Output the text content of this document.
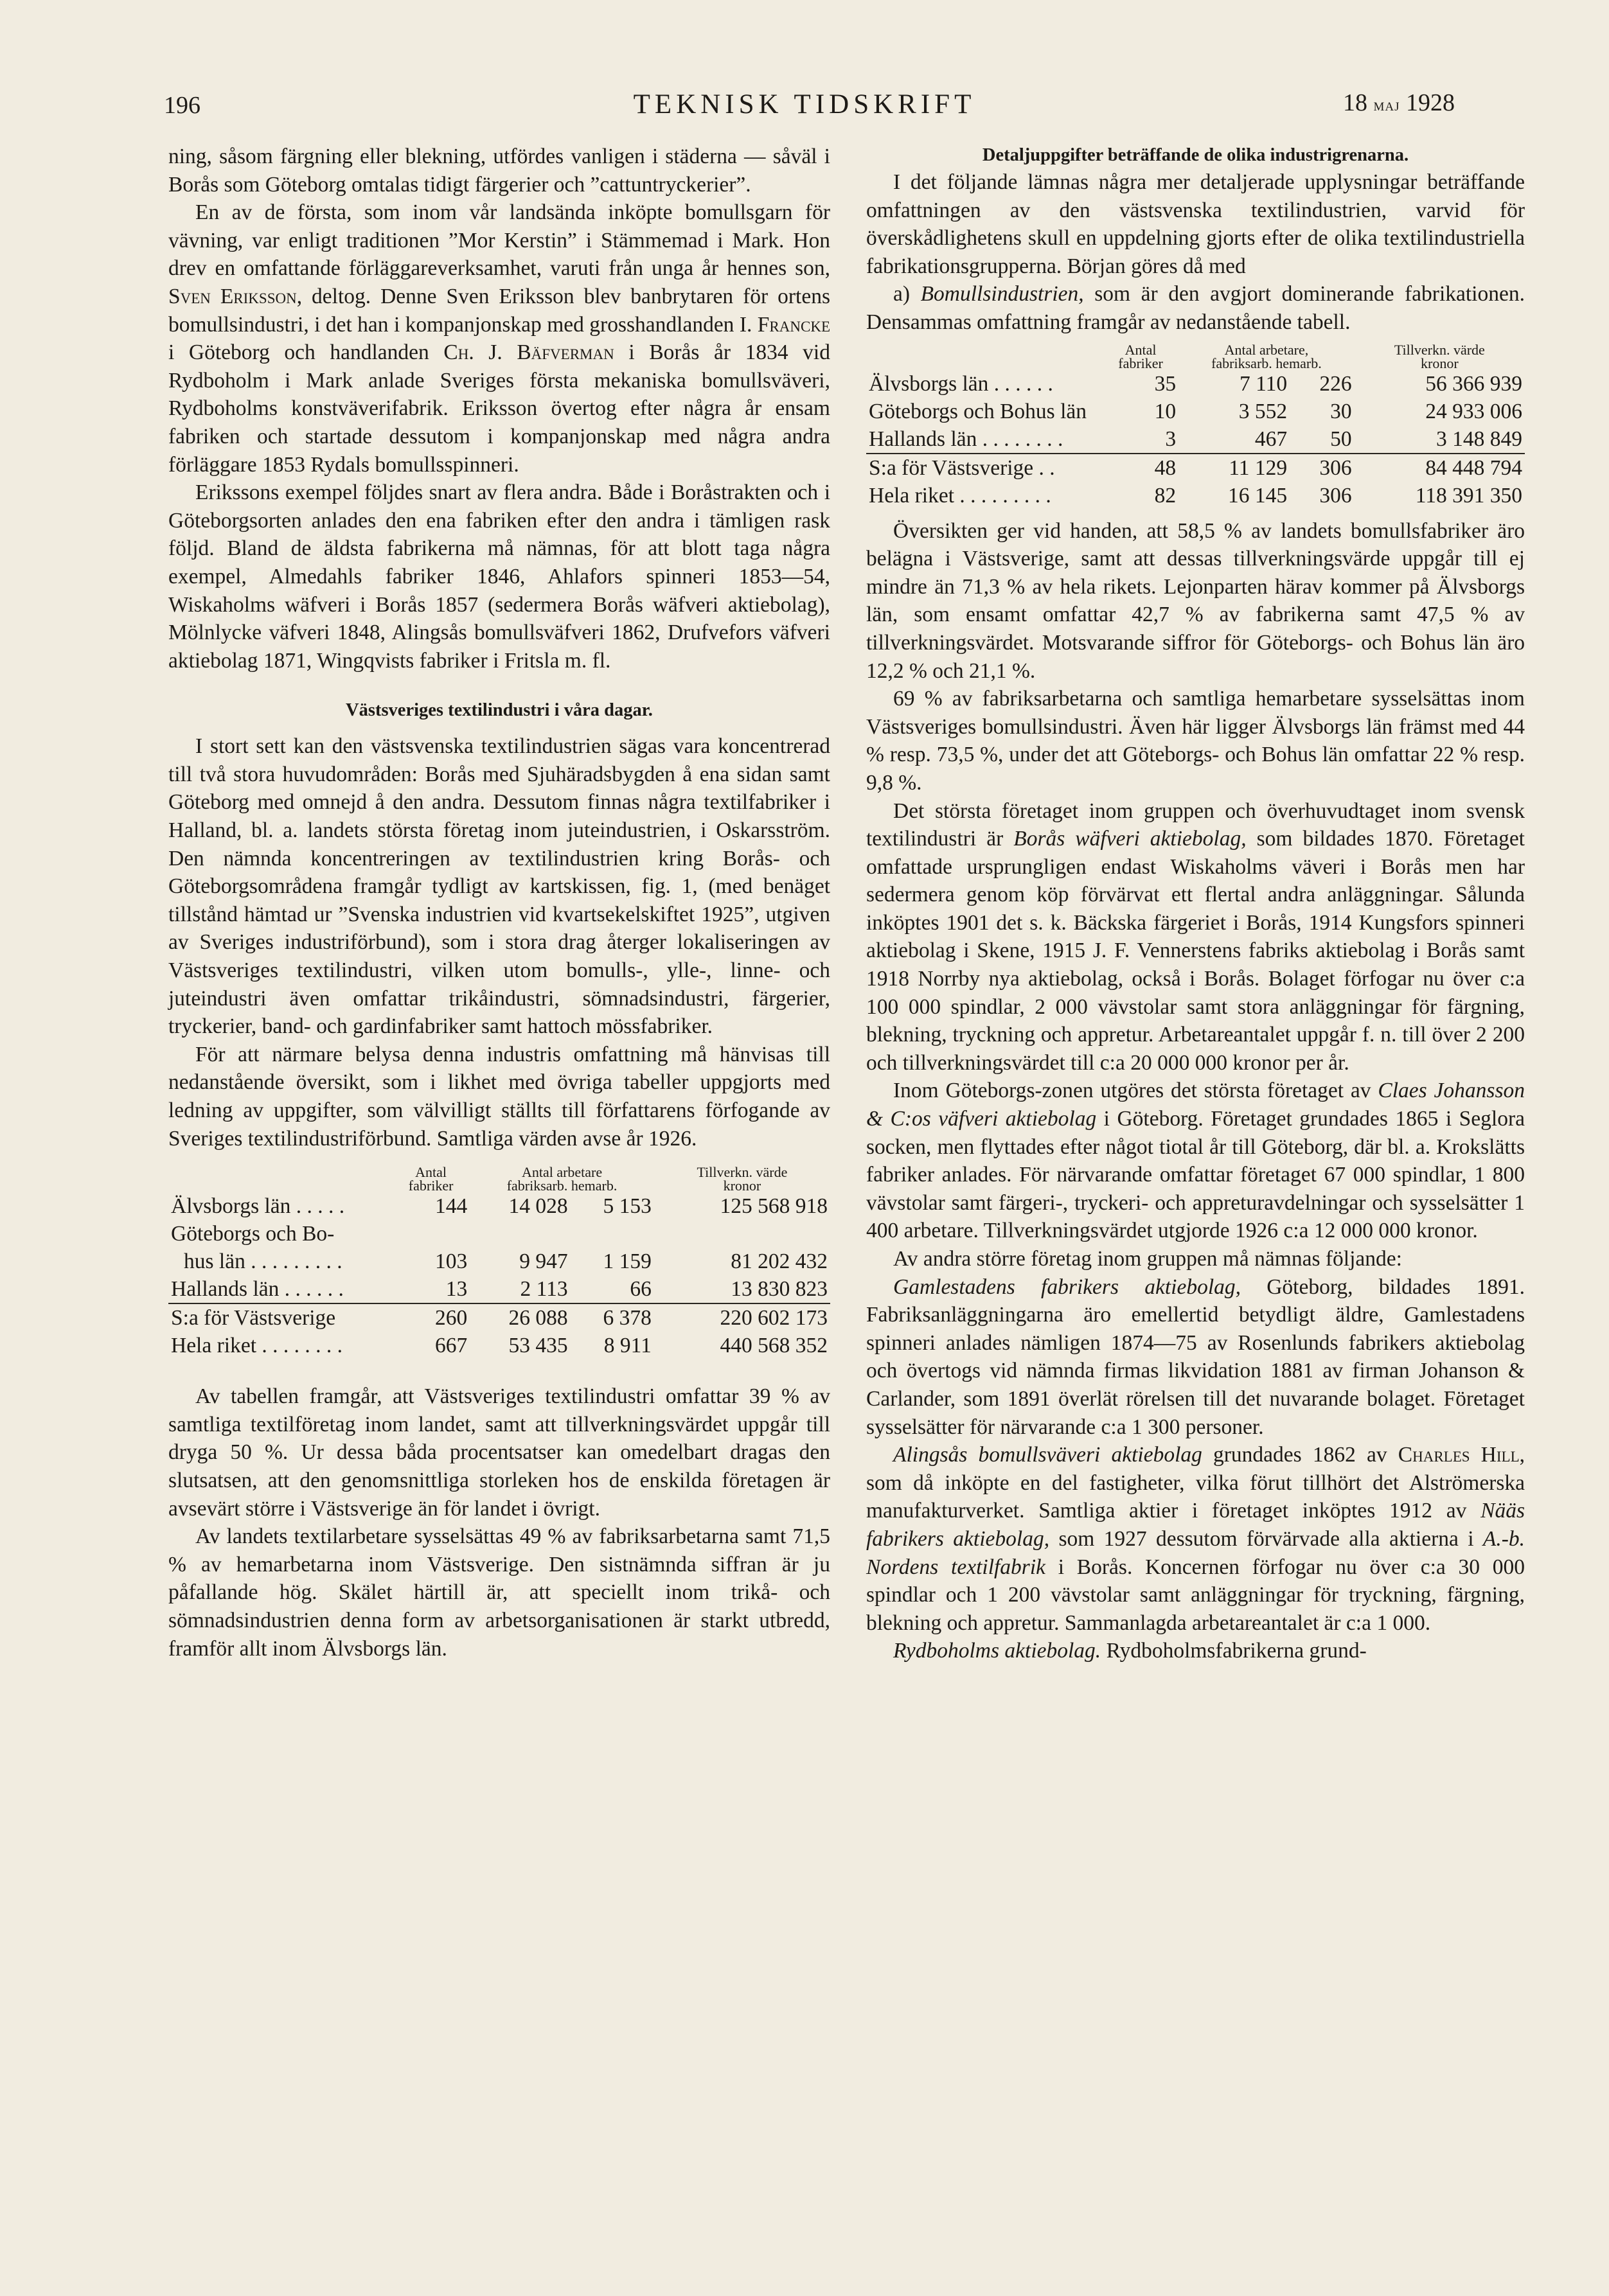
196	TEKNISK TIDSKRIFT	18 maj 1928

ning, såsom färgning eller blekning, utfördes vanligen i städerna — såväl i Borås som Göteborg omtalas tidigt färgerier och ”cattuntryckerier”.

En av de första, som inom vår landsända inköpte bomullsgarn för vävning, var enligt traditionen ”Mor Kerstin” i Stämmemad i Mark. Hon drev en omfattande förläggareverksamhet, varuti från unga år hennes son, Sven Eriksson, deltog. Denne Sven Eriksson blev banbrytaren för ortens bomullsindustri, i det han i kompanjonskap med grosshandlanden I. Francke i Göteborg och handlanden Ch. J. Bäfverman i Borås år 1834 vid Rydboholm i Mark anlade Sveriges första mekaniska bomullsväveri, Rydboholms konstväverifabrik. Eriksson övertog efter några år ensam fabriken och startade dessutom i kompanjonskap med några andra förläggare 1853 Rydals bomullsspinneri.

Erikssons exempel följdes snart av flera andra. Både i Boråstrakten och i Göteborgsorten anlades den ena fabriken efter den andra i tämligen rask följd. Bland de äldsta fabrikerna må nämnas, för att blott taga några exempel, Almedahls fabriker 1846, Ahlafors spinneri 1853—54, Wiskaholms wäfveri i Borås 1857 (sedermera Borås wäfveri aktiebolag), Mölnlycke väfveri 1848, Alingsås bomullsväfveri 1862, Drufvefors väfveri aktiebolag 1871, Wingqvists fabriker i Fritsla m. fl.

Västsveriges textilindustri i våra dagar.

I stort sett kan den västsvenska textilindustrien sägas vara koncentrerad till två stora huvudområden: Borås med Sjuhäradsbygden å ena sidan samt Göteborg med omnejd å den andra. Dessutom finnas några textilfabriker i Halland, bl. a. landets största företag inom juteindustrien, i Oskarsström. Den nämnda koncentreringen av textilindustrien kring Borås- och Göteborgsområdena framgår tydligt av kartskissen, fig. 1, (med benäget tillstånd hämtad ur ”Svenska industrien vid kvartsekelskiftet 1925”, utgiven av Sveriges industriförbund), som i stora drag återger lokaliseringen av Västsveriges textilindustri, vilken utom bomulls-, ylle-, linne- och juteindustri även omfattar trikåindustri, sömnadsindustri, färgerier, tryckerier, band- och gardinfabriker samt hattoch mössfabriker.

För att närmare belysa denna industris omfattning må hänvisas till nedanstående översikt, som i likhet med övriga tabeller uppgjorts med ledning av uppgifter, som välvilligt ställts till författarens förfogande av Sveriges textilindustriförbund. Samtliga värden avse år 1926.

	Antal
fabriker	Antal arbetare
fabriksarb. hemarb.		Tillverkn. värde
kronor
Älvsborgs län . . . . .	144	14 028	5 153	125 568 918
Göteborgs och Bo-				
hus län . . . . . . . . .	103	9 947	1 159	81 202 432
Hallands län . . . . . .	13	2 113	66	13 830 823
S:a för Västsverige	260	26 088	6 378	220 602 173
Hela riket . . . . . . . .	667	53 435	8 911	440 568 352

Av tabellen framgår, att Västsveriges textilindustri omfattar 39 % av samtliga textilföretag inom landet, samt att tillverkningsvärdet uppgår till dryga 50 %. Ur dessa båda procentsatser kan omedelbart dragas den slutsatsen, att den genomsnittliga storleken hos de enskilda företagen är avsevärt större i Västsverige än för landet i övrigt.

Av landets textilarbetare sysselsättas 49 % av fabriksarbetarna samt 71,5 % av hemarbetarna inom Västsverige. Den sistnämnda siffran är ju påfallande hög. Skälet härtill är, att speciellt inom trikå- och sömnadsindustrien denna form av arbetsorganisationen är starkt utbredd, framför allt inom Älvsborgs län.

Detaljuppgifter beträffande de olika industrigrenarna.

I det följande lämnas några mer detaljerade upplysningar beträffande omfattningen av den västsvenska textilindustrien, varvid för överskådlighetens skull en uppdelning gjorts efter de olika textilindustriella fabrikationsgrupperna. Början göres då med

a) Bomullsindustrien, som är den avgjort dominerande fabrikationen. Densammas omfattning framgår av nedanstående tabell.

	Antal
fabriker	Antal arbetare,
fabriksarb. hemarb.		Tillverkn. värde
kronor
Älvsborgs län . . . . . .	35	7 110	226	56 366 939
Göteborgs och Bohus län	10	3 552	30	24 933 006
Hallands län . . . . . . . .	3	467	50	3 148 849
S:a för Västsverige . .	48	11 129	306	84 448 794
Hela riket . . . . . . . . .	82	16 145	306	118 391 350

Översikten ger vid handen, att 58,5 % av landets bomullsfabriker äro belägna i Västsverige, samt att dessas tillverkningsvärde uppgår till ej mindre än 71,3 % av hela rikets. Lejonparten härav kommer på Älvsborgs län, som ensamt omfattar 42,7 % av fabrikerna samt 47,5 % av tillverkningsvärdet. Motsvarande siffror för Göteborgs- och Bohus län äro 12,2 % och 21,1 %.

69 % av fabriksarbetarna och samtliga hemarbetare sysselsättas inom Västsveriges bomullsindustri. Även här ligger Älvsborgs län främst med 44 % resp. 73,5 %, under det att Göteborgs- och Bohus län omfattar 22 % resp. 9,8 %.

Det största företaget inom gruppen och överhuvudtaget inom svensk textilindustri är Borås wäfveri aktiebolag, som bildades 1870. Företaget omfattade ursprungligen endast Wiskaholms väveri i Borås men har sedermera genom köp förvärvat ett flertal andra anläggningar. Sålunda inköptes 1901 det s. k. Bäckska färgeriet i Borås, 1914 Kungsfors spinneri aktiebolag i Skene, 1915 J. F. Vennerstens fabriks aktiebolag i Borås samt 1918 Norrby nya aktiebolag, också i Borås. Bolaget förfogar nu över c:a 100 000 spindlar, 2 000 vävstolar samt stora anläggningar för färgning, blekning, tryckning och appretur. Arbetareantalet uppgår f. n. till över 2 200 och tillverkningsvärdet till c:a 20 000 000 kronor per år.

Inom Göteborgs-zonen utgöres det största företaget av Claes Johansson & C:os väfveri aktiebolag i Göteborg. Företaget grundades 1865 i Seglora socken, men flyttades efter något tiotal år till Göteborg, där bl. a. Krokslätts fabriker anlades. För närvarande omfattar företaget 67 000 spindlar, 1 800 vävstolar samt färgeri-, tryckeri- och appreturavdelningar och sysselsätter 1 400 arbetare. Tillverkningsvärdet utgjorde 1926 c:a 12 000 000 kronor.

Av andra större företag inom gruppen må nämnas följande:

Gamlestadens fabrikers aktiebolag, Göteborg, bildades 1891. Fabriksanläggningarna äro emellertid betydligt äldre, Gamlestadens spinneri anlades nämligen 1874—75 av Rosenlunds fabrikers aktiebolag och övertogs vid nämnda firmas likvidation 1881 av firman Johanson & Carlander, som 1891 överlät rörelsen till det nuvarande bolaget. Företaget sysselsätter för närvarande c:a 1 300 personer.

Alingsås bomullsväveri aktiebolag grundades 1862 av Charles Hill, som då inköpte en del fastigheter, vilka förut tillhört det Alströmerska manufakturverket. Samtliga aktier i företaget inköptes 1912 av Nääs fabrikers aktiebolag, som 1927 dessutom förvärvade alla aktierna i A.-b. Nordens textilfabrik i Borås. Koncernen förfogar nu över c:a 30 000 spindlar och 1 200 vävstolar samt anläggningar för tryckning, färgning, blekning och appretur. Sammanlagda arbetareantalet är c:a 1 000.

Rydboholms aktiebolag. Rydboholmsfabrikerna grund-
